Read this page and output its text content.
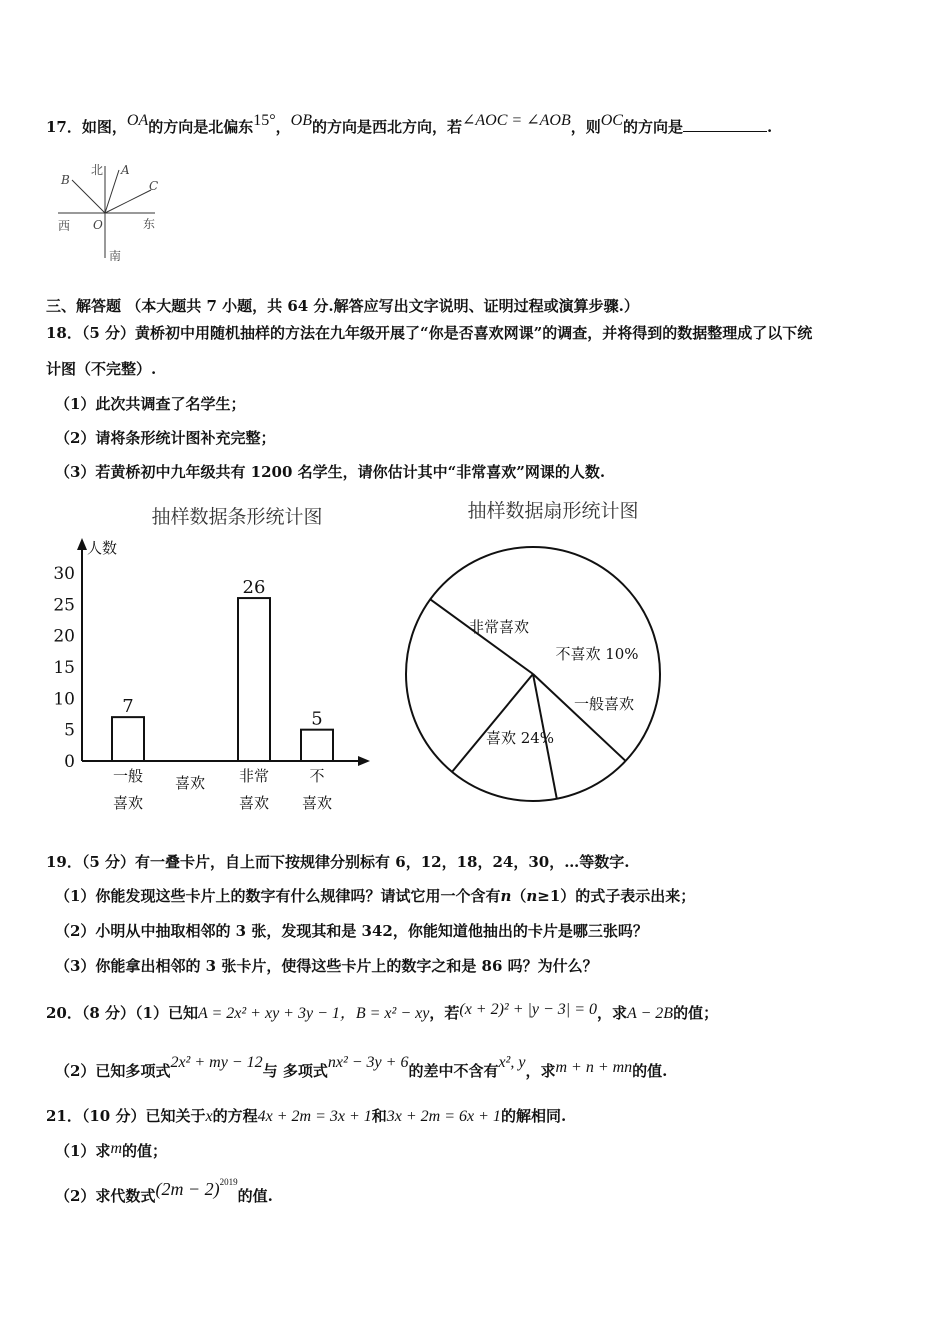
17．如图，OA的方向是北偏东15°，OB的方向是西北方向，若∠AOC = ∠AOB，则OC的方向是	.
北 A
B	C
西 O	东
南
三、解答题 （本大题共 7 小题，共 64 分.解答应写出文字说明、证明过程或演算步骤.）
18．（5 分）黄桥初中用随机抽样的方法在九年级开展了“你是否喜欢网课”的调查，并将得到的数据整理成了以下统
计图（不完整）.
（1）此次共调查了名学生；
（2）请将条形统计图补充完整；
（3）若黄桥初中九年级共有 1200 名学生，请你估计其中“非常喜欢”网课的人数.
抽样数据条形统计图
人数
0
5
10
15
20
25
30
7
一般
喜欢
喜欢
26
非常
喜欢
5
不
喜欢
抽样数据扇形统计图
非常喜欢
不喜欢 10%
一般喜欢
喜欢 24%
19．（5 分）有一叠卡片，自上而下按规律分别标有 6，12，18，24，30，…等数字.
（1）你能发现这些卡片上的数字有什么规律吗？请试它用一个含有n（n≥1）的式子表示出来；
（2）小明从中抽取相邻的 3 张，发现其和是 342，你能知道他抽出的卡片是哪三张吗？
（3）你能拿出相邻的 3 张卡片，使得这些卡片上的数字之和是 86 吗？为什么？
20．（8 分）（1）已知A = 2x² + xy + 3y − 1，B = x² − xy，若(x + 2)² + |y − 3| = 0，求A − 2B的值；
（2）已知多项式2x² + my − 12与 多项式nx² − 3y + 6的差中不含有x², y，求m + n + mn的值.
21．（10 分）已知关于x的方程4x + 2m = 3x + 1和3x + 2m = 6x + 1的解相同.
（1）求m的值；
（2）求代数式$(2m - 2)^{2019}$的值.
